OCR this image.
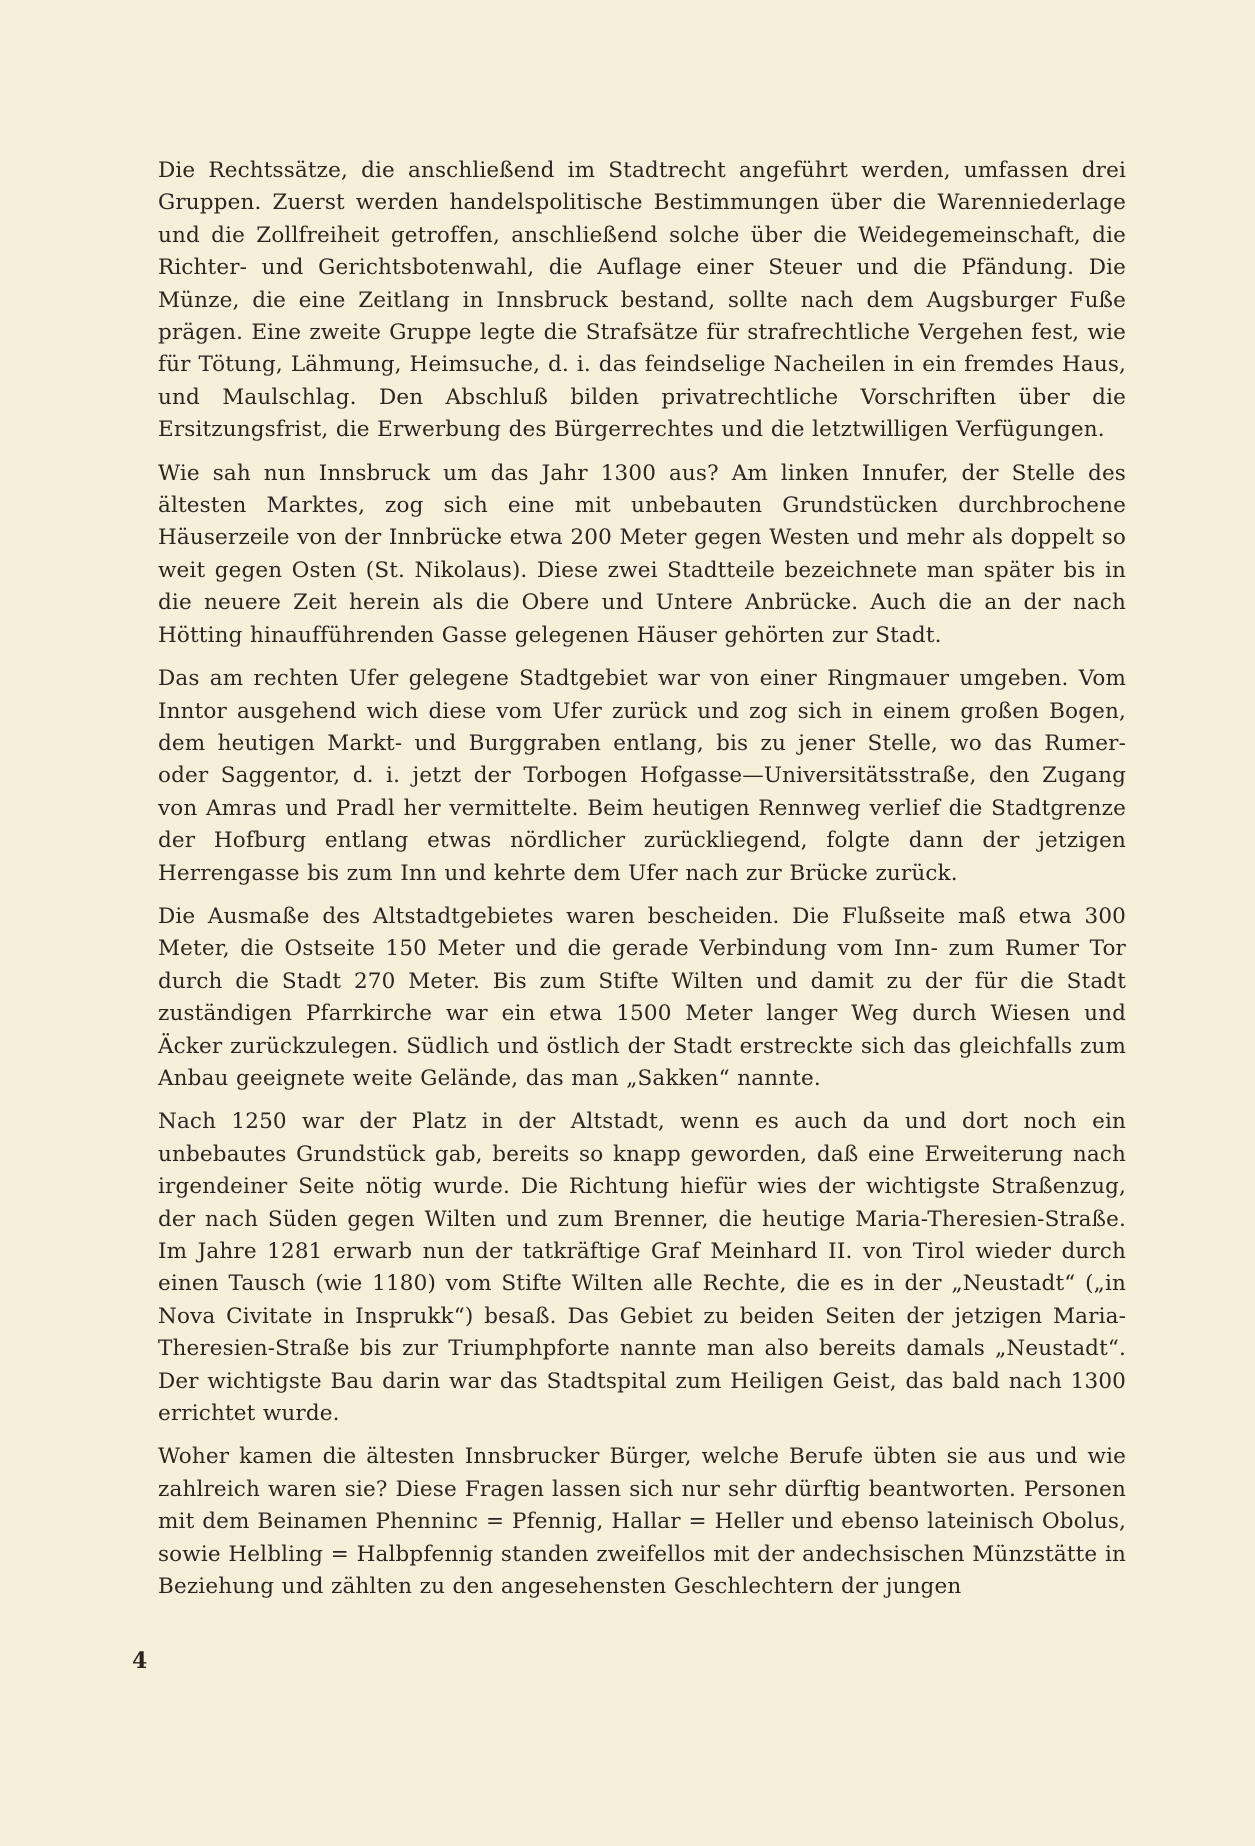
Die Rechtssätze, die anschließend im Stadtrecht angeführt werden, umfassen drei Gruppen. Zuerst werden handelspolitische Bestimmungen über die Warenniederlage und die Zollfreiheit getroffen, anschließend solche über die Weidegemeinschaft, die Richter- und Gerichtsbotenwahl, die Auflage einer Steuer und die Pfändung. Die Münze, die eine Zeitlang in Innsbruck bestand, sollte nach dem Augsburger Fuße prägen. Eine zweite Gruppe legte die Strafsätze für strafrechtliche Vergehen fest, wie für Tötung, Lähmung, Heimsuche, d. i. das feindselige Nacheilen in ein fremdes Haus, und Maulschlag. Den Abschluß bilden privatrechtliche Vorschriften über die Ersitzungsfrist, die Erwerbung des Bürgerrechtes und die letztwilligen Verfügungen.

Wie sah nun Innsbruck um das Jahr 1300 aus? Am linken Innufer, der Stelle des ältesten Marktes, zog sich eine mit unbebauten Grundstücken durchbrochene Häuserzeile von der Innbrücke etwa 200 Meter gegen Westen und mehr als doppelt so weit gegen Osten (St. Nikolaus). Diese zwei Stadtteile bezeichnete man später bis in die neuere Zeit herein als die Obere und Untere Anbrücke. Auch die an der nach Hötting hinaufführenden Gasse gelegenen Häuser gehörten zur Stadt.

Das am rechten Ufer gelegene Stadtgebiet war von einer Ringmauer umgeben. Vom Inntor ausgehend wich diese vom Ufer zurück und zog sich in einem großen Bogen, dem heutigen Markt- und Burggraben entlang, bis zu jener Stelle, wo das Rumer- oder Saggentor, d. i. jetzt der Torbogen Hofgasse—Universitätsstraße, den Zugang von Amras und Pradl her vermittelte. Beim heutigen Rennweg verlief die Stadtgrenze der Hofburg entlang etwas nördlicher zurückliegend, folgte dann der jetzigen Herrengasse bis zum Inn und kehrte dem Ufer nach zur Brücke zurück.

Die Ausmaße des Altstadtgebietes waren bescheiden. Die Flußseite maß etwa 300 Meter, die Ostseite 150 Meter und die gerade Verbindung vom Inn- zum Rumer Tor durch die Stadt 270 Meter. Bis zum Stifte Wilten und damit zu der für die Stadt zuständigen Pfarrkirche war ein etwa 1500 Meter langer Weg durch Wiesen und Äcker zurückzulegen. Südlich und östlich der Stadt erstreckte sich das gleichfalls zum Anbau geeignete weite Gelände, das man „Sakken“ nannte.

Nach 1250 war der Platz in der Altstadt, wenn es auch da und dort noch ein unbebautes Grundstück gab, bereits so knapp geworden, daß eine Erweiterung nach irgendeiner Seite nötig wurde. Die Richtung hiefür wies der wichtigste Straßenzug, der nach Süden gegen Wilten und zum Brenner, die heutige Maria-Theresien-Straße. Im Jahre 1281 erwarb nun der tatkräftige Graf Meinhard II. von Tirol wieder durch einen Tausch (wie 1180) vom Stifte Wilten alle Rechte, die es in der „Neustadt“ („in Nova Civitate in Insprukk“) besaß. Das Gebiet zu beiden Seiten der jetzigen Maria-Theresien-Straße bis zur Triumphpforte nannte man also bereits damals „Neustadt“. Der wichtigste Bau darin war das Stadtspital zum Heiligen Geist, das bald nach 1300 errichtet wurde.

Woher kamen die ältesten Innsbrucker Bürger, welche Berufe übten sie aus und wie zahlreich waren sie? Diese Fragen lassen sich nur sehr dürftig beantworten. Personen mit dem Beinamen Phenninc = Pfennig, Hallar = Heller und ebenso lateinisch Obolus, sowie Helbling = Halbpfennig standen zweifellos mit der andechsischen Münzstätte in Beziehung und zählten zu den angesehensten Geschlechtern der jungen

4
